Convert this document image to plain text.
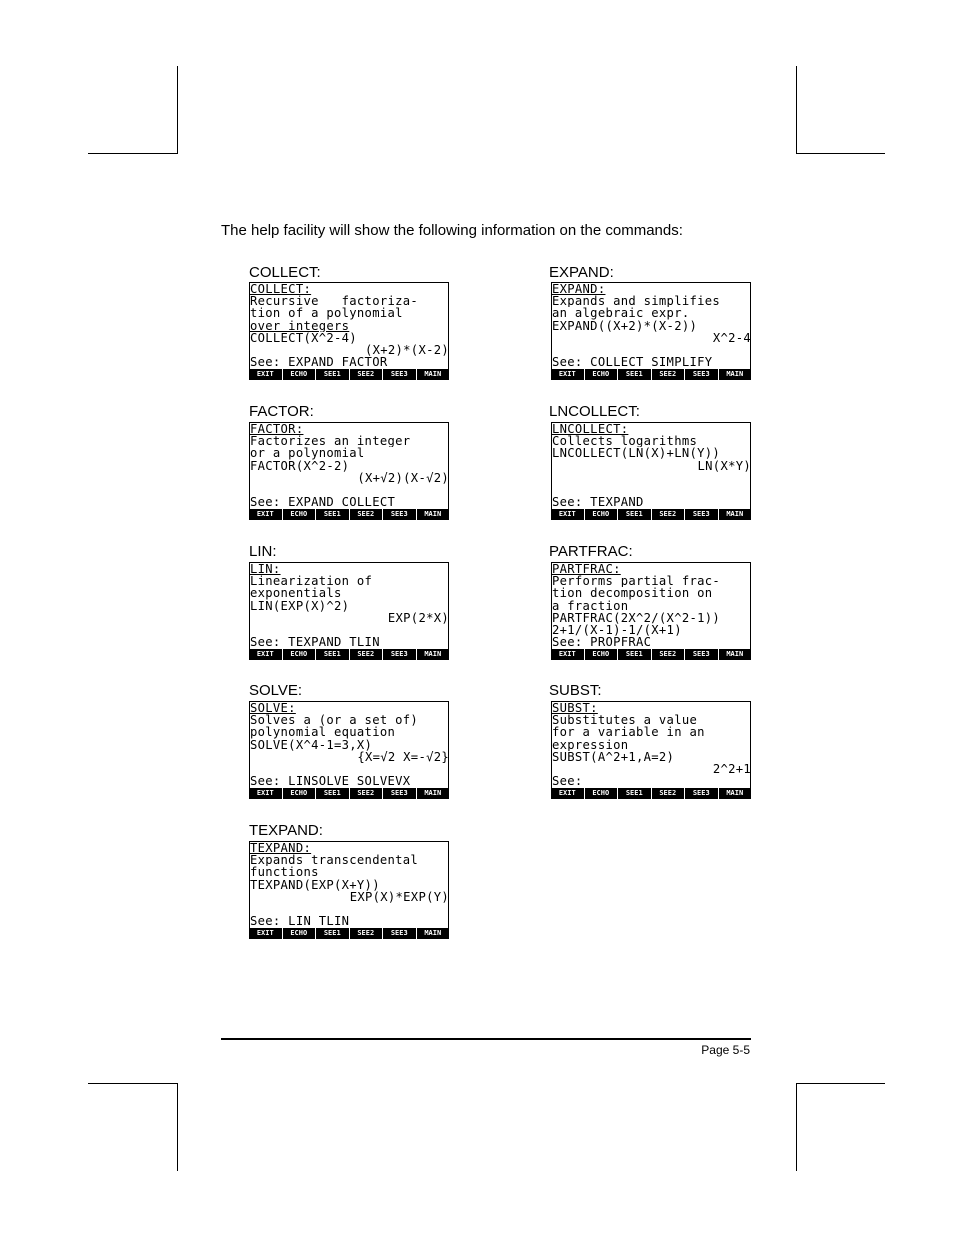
The help facility will show the following information on the commands:
COLLECT:
COLLECT:
Recursive   factoriza-
tion of a polynomial
over integers
COLLECT(X^2-4)
(X+2)*(X-2)
See: EXPAND FACTOR
EXIT	ECHO	SEE1	SEE2	SEE3	MAIN
EXPAND:
EXPAND:
Expands and simplifies
an algebraic expr.
EXPAND((X+2)*(X-2))
X^2-4

See: COLLECT SIMPLIFY
EXIT	ECHO	SEE1	SEE2	SEE3	MAIN
FACTOR:
FACTOR:
Factorizes an integer
or a polynomial
FACTOR(X^2-2)
(X+√2)(X-√2)

See: EXPAND COLLECT
EXIT	ECHO	SEE1	SEE2	SEE3	MAIN
LNCOLLECT:
LNCOLLECT:
Collects logarithms
LNCOLLECT(LN(X)+LN(Y))
LN(X*Y)

See: TEXPAND
EXIT	ECHO	SEE1	SEE2	SEE3	MAIN
LIN:
LIN:
Linearization of
exponentials
LIN(EXP(X)^2)
EXP(2*X)

See: TEXPAND TLIN
EXIT	ECHO	SEE1	SEE2	SEE3	MAIN
PARTFRAC:
PARTFRAC:
Performs partial frac-
tion decomposition on
a fraction
PARTFRAC(2X^2/(X^2-1))
2+1/(X-1)-1/(X+1)
See: PROPFRAC
EXIT	ECHO	SEE1	SEE2	SEE3	MAIN
SOLVE:
SOLVE:
Solves a (or a set of)
polynomial equation
SOLVE(X^4-1=3,X)
{X=√2 X=-√2}

See: LINSOLVE SOLVEVX
EXIT	ECHO	SEE1	SEE2	SEE3	MAIN
SUBST:
SUBST:
Substitutes a value
for a variable in an
expression
SUBST(A^2+1,A=2)
2^2+1
See:
EXIT	ECHO	SEE1	SEE2	SEE3	MAIN
TEXPAND:
TEXPAND:
Expands transcendental
functions
TEXPAND(EXP(X+Y))
EXP(X)*EXP(Y)

See: LIN TLIN
EXIT	ECHO	SEE1	SEE2	SEE3	MAIN
Page 5-5
